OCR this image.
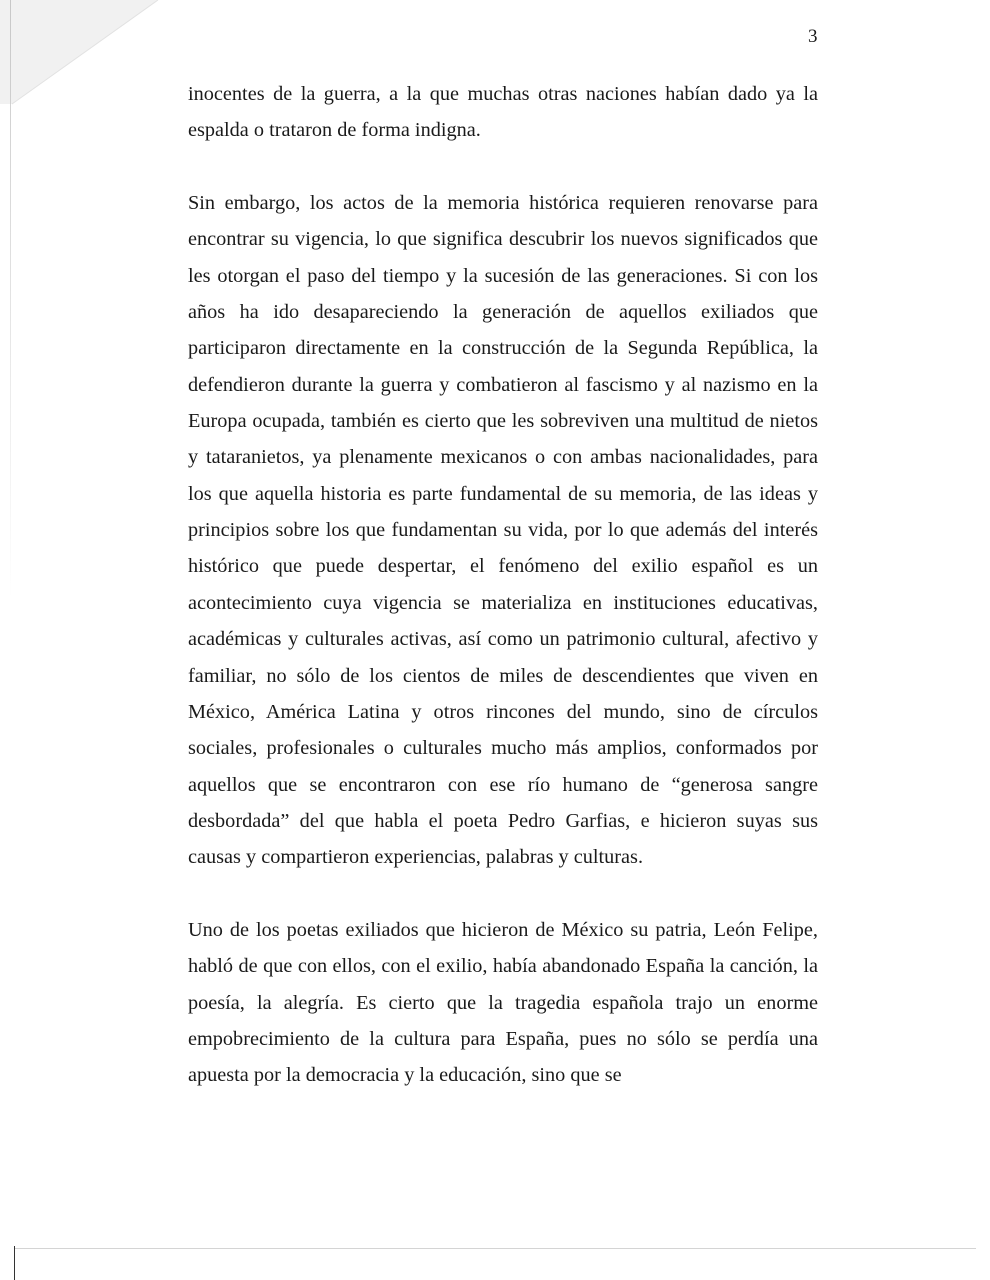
3

inocentes de la guerra, a la que muchas otras naciones habían dado ya la espalda o trataron de forma indigna.

Sin embargo, los actos de la memoria histórica requieren renovarse para encontrar su vigencia, lo que significa descubrir los nuevos significados que les otorgan el paso del tiempo y la sucesión de las generaciones. Si con los años ha ido desapareciendo la generación de aquellos exiliados que participaron directamente en la construcción de la Segunda República, la defendieron durante la guerra y combatieron al fascismo y al nazismo en la Europa ocupada, también es cierto que les sobreviven una multitud de nietos y tataranietos, ya plenamente mexicanos o con ambas nacionalidades, para los que aquella historia es parte fundamental de su memoria, de las ideas y principios sobre los que fundamentan su vida, por lo que además del interés histórico que puede despertar, el fenómeno del exilio español es un acontecimiento cuya vigencia se materializa en instituciones educativas, académicas y culturales activas, así como un patrimonio cultural, afectivo y familiar, no sólo de los cientos de miles de descendientes que viven en México, América Latina y otros rincones del mundo, sino de círculos sociales, profesionales o culturales mucho más amplios, conformados por aquellos que se encontraron con ese río humano de “generosa sangre desbordada” del que habla el poeta Pedro Garfias, e hicieron suyas sus causas y compartieron experiencias, palabras y culturas.

Uno de los poetas exiliados que hicieron de México su patria, León Felipe, habló de que con ellos, con el exilio, había abandonado España la canción, la poesía, la alegría. Es cierto que la tragedia española trajo un enorme empobrecimiento de la cultura para España, pues no sólo se perdía una apuesta por la democracia y la educación, sino que se
